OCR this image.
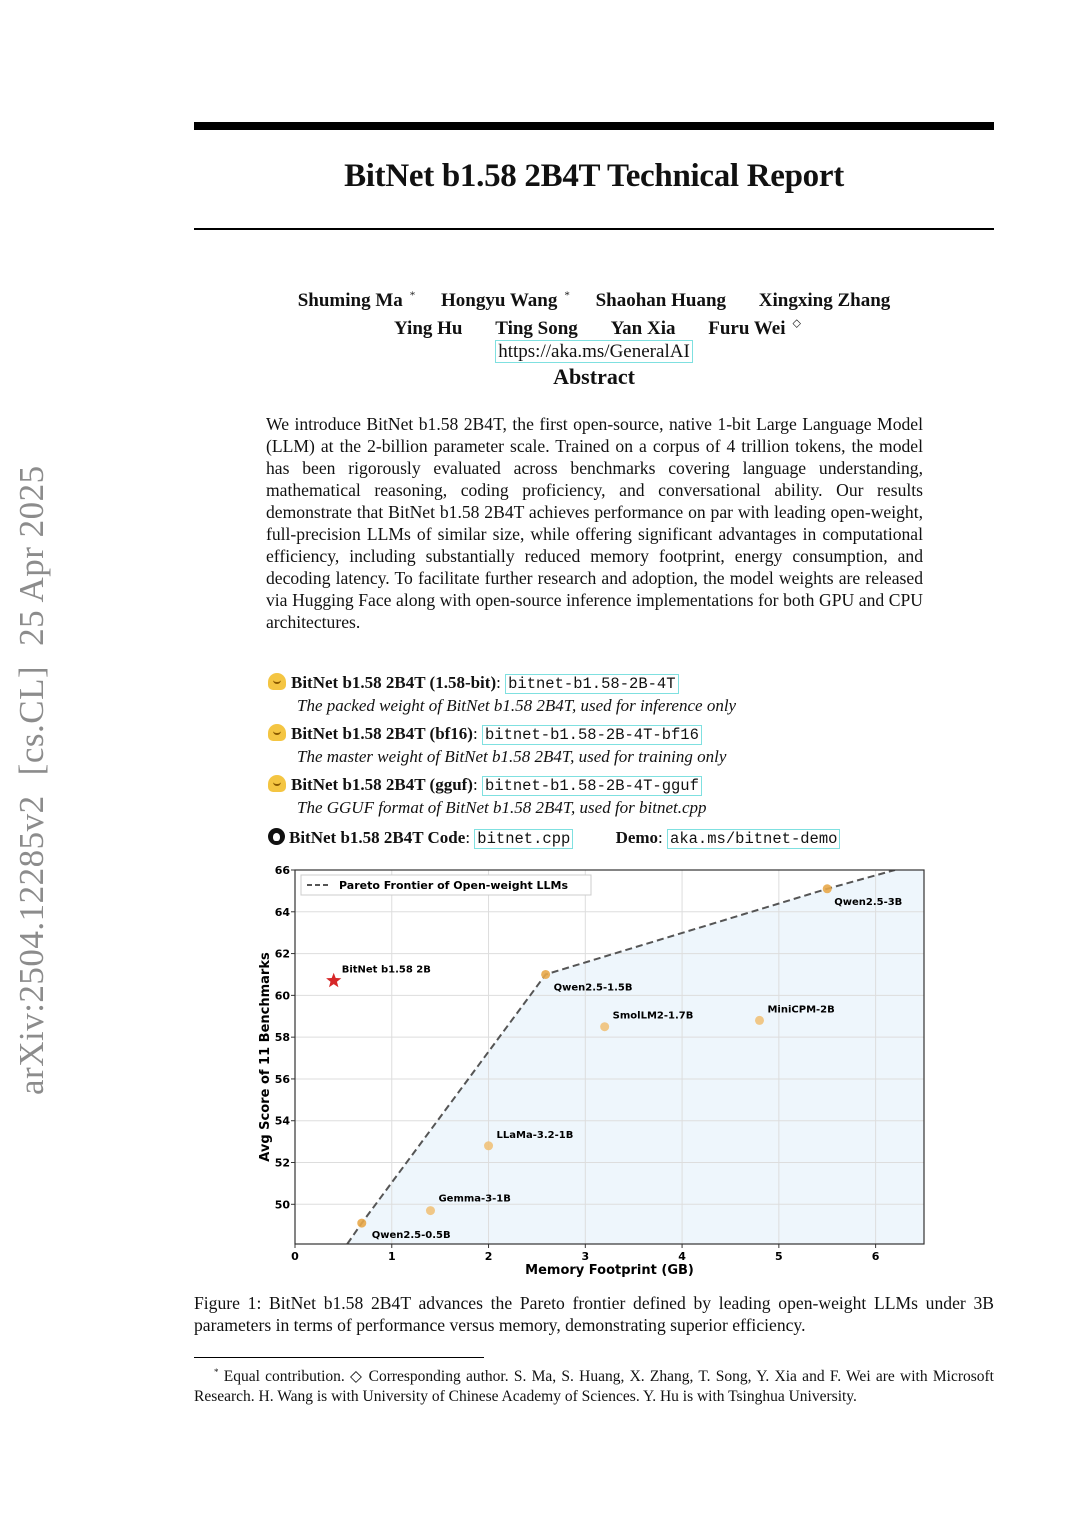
arXiv:2504.12285v2[cs.CL]25 Apr 2025
BitNet b1.58 2B4T Technical Report
Shuming Ma * Hongyu Wang * Shaohan Huang Xingxing Zhang
Ying Hu Ting Song Yan Xia Furu Wei ◇
https://aka.ms/GeneralAI
Abstract
We introduce BitNet b1.58 2B4T, the first open-source, native 1-bit Large Language Model (LLM) at the 2-billion parameter scale. Trained on a corpus of 4 trillion tokens, the model has been rigorously evaluated across benchmarks covering language understanding, mathematical reasoning, coding proficiency, and conversational ability. Our results demonstrate that BitNet b1.58 2B4T achieves performance on par with leading open-weight, full-precision LLMs of similar size, while offering significant advantages in computational efficiency, including substantially reduced memory footprint, energy consumption, and decoding latency. To facilitate further research and adoption, the model weights are released via Hugging Face along with open-source inference implementations for both GPU and CPU architectures.
BitNet b1.58 2B4T (1.58-bit): bitnet-b1.58-2B-4T
The packed weight of BitNet b1.58 2B4T, used for inference only
BitNet b1.58 2B4T (bf16): bitnet-b1.58-2B-4T-bf16
The master weight of BitNet b1.58 2B4T, used for training only
BitNet b1.58 2B4T (gguf): bitnet-b1.58-2B-4T-gguf
The GGUF format of BitNet b1.58 2B4T, used for bitnet.cpp
BitNet b1.58 2B4T Code: bitnet.cpp	Demo: aka.ms/bitnet-demo
0	1	2	3	4	5	6
50
52
54
56
58
60
62
64
66
Memory Footprint (GB)
Avg Score of 11 Benchmarks
Qwen2.5-0.5B
Gemma-3-1B
LLaMa-3.2-1B
Qwen2.5-1.5B
SmolLM2-1.7B
MiniCPM-2B
Qwen2.5-3B
BitNet b1.58 2B
Pareto Frontier of Open-weight LLMs
Figure 1: BitNet b1.58 2B4T advances the Pareto frontier defined by leading open-weight LLMs under 3B parameters in terms of performance versus memory, demonstrating superior efficiency.
* Equal contribution. ◇ Corresponding author. S. Ma, S. Huang, X. Zhang, T. Song, Y. Xia and F. Wei are with Microsoft Research. H. Wang is with University of Chinese Academy of Sciences. Y. Hu is with Tsinghua University.
